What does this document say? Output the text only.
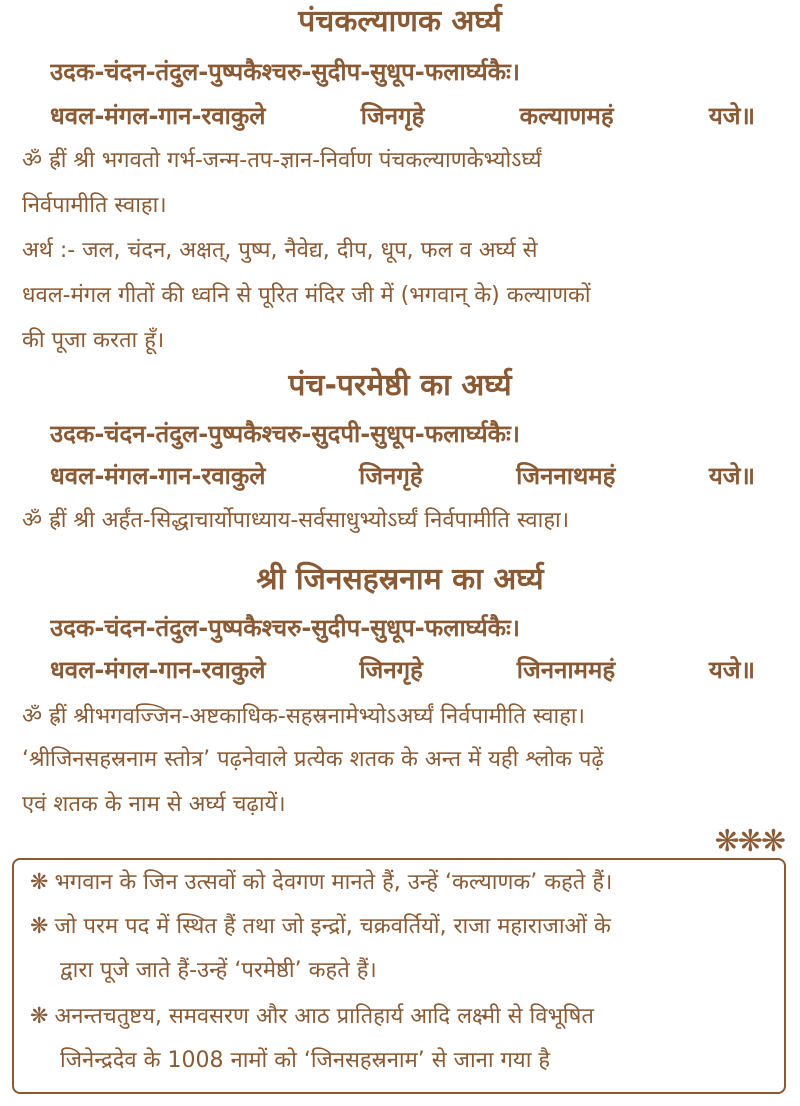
पंचकल्याणक अर्घ्य
उदक-चंदन-तंदुल-पुष्पकैश्चरु-सुदीप-सुधूप-फलार्घ्यकैः।
धवल-मंगल-गान-रवाकुले	जिनगृहे	कल्याणमहं	यजे॥
ॐ ह्रीं श्री भगवतो गर्भ-जन्म-तप-ज्ञान-निर्वाण पंचकल्याणकेभ्योऽर्घ्यं
निर्वपामीति स्वाहा।
अर्थ :- जल, चंदन, अक्षत्, पुष्प, नैवेद्य, दीप, धूप, फल व अर्घ्य से
धवल-मंगल गीतों की ध्वनि से पूरित मंदिर जी में (भगवान् के) कल्याणकों
की पूजा करता हूँ।
पंच-परमेष्ठी का अर्घ्य
उदक-चंदन-तंदुल-पुष्पकैश्चरु-सुदपी-सुधूप-फलार्घ्यकैः।
धवल-मंगल-गान-रवाकुले	जिनगृहे	जिननाथमहं	यजे॥
ॐ ह्रीं श्री अर्हंत-सिद्धाचार्योपाध्याय-सर्वसाधुभ्योऽर्घ्यं निर्वपामीति स्वाहा।
श्री जिनसहस्रनाम का अर्घ्य
उदक-चंदन-तंदुल-पुष्पकैश्चरु-सुदीप-सुधूप-फलार्घ्यकैः।
धवल-मंगल-गान-रवाकुले	जिनगृहे	जिननाममहं	यजे॥
ॐ ह्रीं श्रीभगवज्जिन-अष्टकाधिक-सहस्रनामेभ्योऽअर्घ्यं निर्वपामीति स्वाहा।
‘श्रीजिनसहस्रनाम स्तोत्र’ पढ़नेवाले प्रत्येक शतक के अन्त में यही श्लोक पढ़ें
एवं शतक के नाम से अर्घ्य चढ़ायें।
❋❋❋
❋ भगवान के जिन उत्सवों को देवगण मानते हैं, उन्हें ‘कल्याणक’ कहते हैं।
❋ जो परम पद में स्थित हैं तथा जो इन्द्रों, चक्रवर्तियों, राजा महाराजाओं के
द्वारा पूजे जाते हैं-उन्हें ‘परमेष्ठी’ कहते हैं।
❋ अनन्तचतुष्टय, समवसरण और आठ प्रातिहार्य आदि लक्ष्मी से विभूषित
जिनेन्द्रदेव के 1008 नामों को ‘जिनसहस्रनाम’ से जाना गया है
